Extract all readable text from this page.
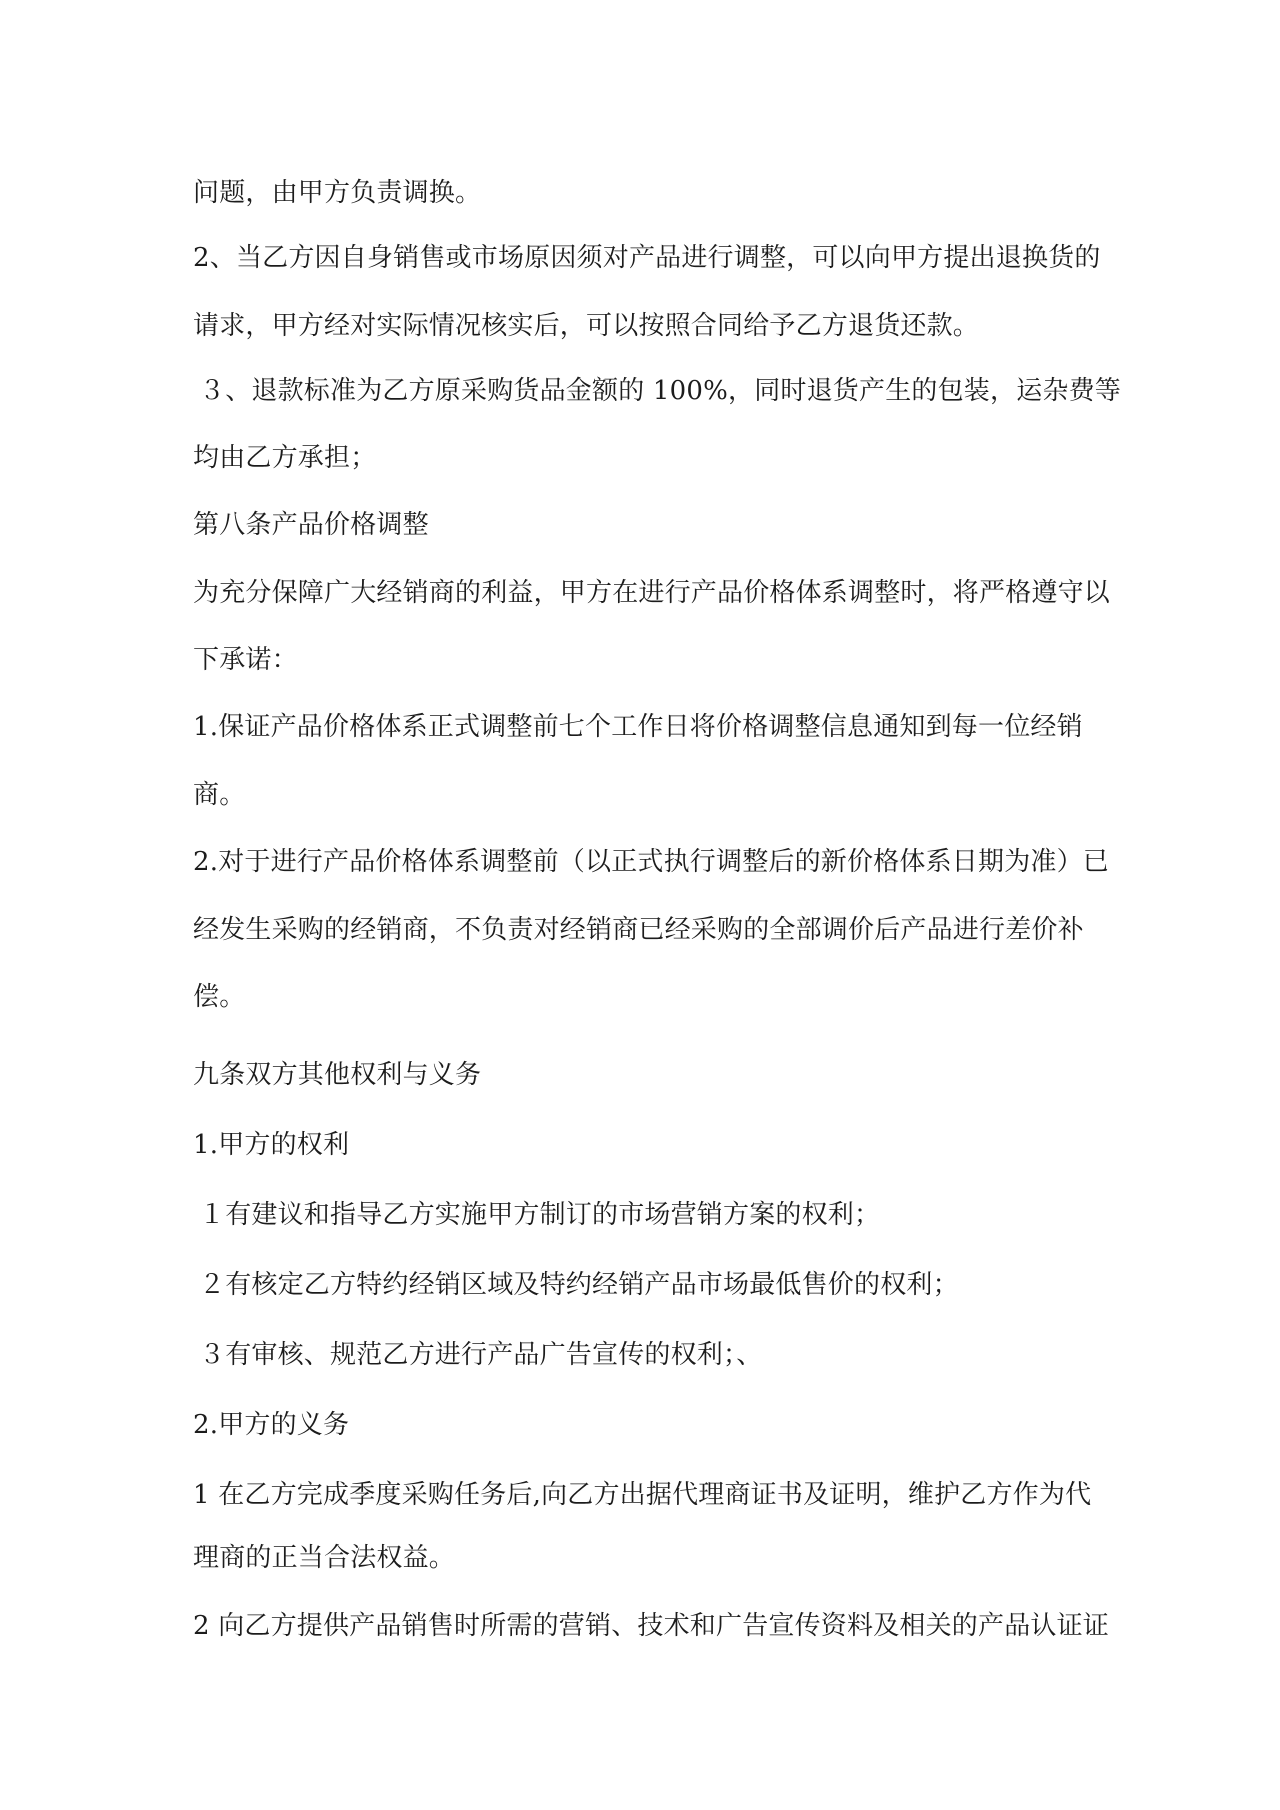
问题，由甲方负责调换。

2、当乙方因自身销售或市场原因须对产品进行调整，可以向甲方提出退换货的

请求，甲方经对实际情况核实后，可以按照合同给予乙方退货还款。

３、退款标准为乙方原采购货品金额的 100%，同时退货产生的包装，运杂费等

均由乙方承担；

第八条产品价格调整

为充分保障广大经销商的利益，甲方在进行产品价格体系调整时，将严格遵守以

下承诺：

1.保证产品价格体系正式调整前七个工作日将价格调整信息通知到每一位经销

商。

2.对于进行产品价格体系调整前（以正式执行调整后的新价格体系日期为准）已

经发生采购的经销商，不负责对经销商已经采购的全部调价后产品进行差价补

偿。

九条双方其他权利与义务

1.甲方的权利

１有建议和指导乙方实施甲方制订的市场营销方案的权利；

２有核定乙方特约经销区域及特约经销产品市场最低售价的权利；

３有审核、规范乙方进行产品广告宣传的权利；、

2.甲方的义务

1 在乙方完成季度采购任务后,向乙方出据代理商证书及证明，维护乙方作为代

理商的正当合法权益。

2 向乙方提供产品销售时所需的营销、技术和广告宣传资料及相关的产品认证证
